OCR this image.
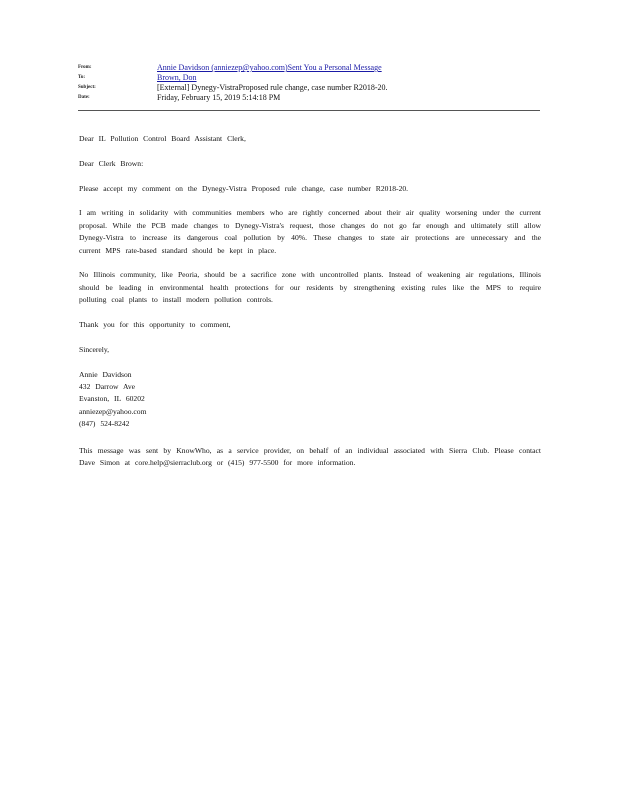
From:	Annie Davidson (anniezep@yahoo.com)Sent You a Personal Message
To:	Brown, Don
Subject:	[External] Dynegy-VistraProposed rule change, case number R2018-20.
Date:	Friday, February 15, 2019 5:14:18 PM

Dear IL Pollution Control Board Assistant Clerk,

Dear Clerk Brown:

Please accept my comment on the Dynegy-Vistra Proposed rule change, case number R2018-20.

I am writing in solidarity with communities members who are rightly concerned about their air quality worsening under the current proposal. While the PCB made changes to Dynegy-Vistra's request, those changes do not go far enough and ultimately still allow Dynegy-Vistra to increase its dangerous coal pollution by 40%. These changes to state air protections are unnecessary and the current MPS rate-based standard should be kept in place.

No Illinois community, like Peoria, should be a sacrifice zone with uncontrolled plants. Instead of weakening air regulations, Illinois should be leading in environmental health protections for our residents by strengthening existing rules like the MPS to require polluting coal plants to install modern pollution controls.

Thank you for this opportunity to comment,

Sincerely,

Annie Davidson
432 Darrow Ave
Evanston, IL 60202
anniezep@yahoo.com
(847) 524-8242

This message was sent by KnowWho, as a service provider, on behalf of an individual associated with Sierra Club. Please contact Dave Simon at core.help@sierraclub.org or (415) 977-5500 for more information.
